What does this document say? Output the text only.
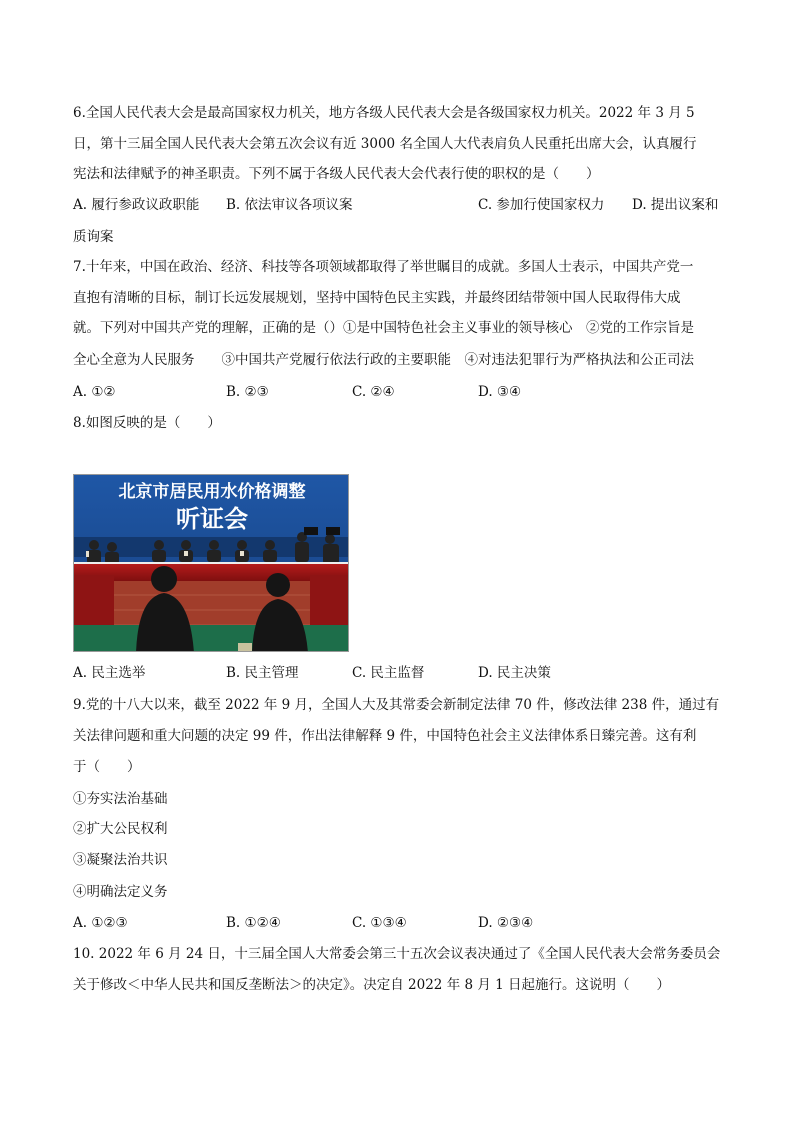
6.全国人民代表大会是最高国家权力机关，地方各级人民代表大会是各级国家权力机关。2022 年 3 月 5
日，第十三届全国人民代表大会第五次会议有近 3000 名全国人大代表肩负人民重托出席大会，认真履行
宪法和法律赋予的神圣职责。下列不属于各级人民代表大会代表行使的职权的是（　　）
A. 履行参政议政职能 B. 依法审议各项议案	C. 参加行使国家权力 D. 提出议案和
质询案
7.十年来，中国在政治、经济、科技等各项领域都取得了举世瞩目的成就。多国人士表示，中国共产党一
直抱有清晰的目标，制订长远发展规划，坚持中国特色民主实践，并最终团结带领中国人民取得伟大成
就。下列对中国共产党的理解，正确的是（）①是中国特色社会主义事业的领导核心　②党的工作宗旨是
全心全意为人民服务　　③中国共产党履行依法行政的主要职能　④对违法犯罪行为严格执法和公正司法
A. ①②	B. ②③	C. ②④	D. ③④
8.如图反映的是（　　）
北京市居民用水价格调整
听证会
A. 民主选举	B. 民主管理	C. 民主监督	D. 民主决策
9.党的十八大以来，截至 2022 年 9 月，全国人大及其常委会新制定法律 70 件，修改法律 238 件，通过有
关法律问题和重大问题的决定 99 件，作出法律解释 9 件，中国特色社会主义法律体系日臻完善。这有利
于（　　）
①夯实法治基础
②扩大公民权利
③凝聚法治共识
④明确法定义务
A. ①②③	B. ①②④	C. ①③④	D. ②③④
10. 2022 年 6 月 24 日，十三届全国人大常委会第三十五次会议表决通过了《全国人民代表大会常务委员会
关于修改＜中华人民共和国反垄断法＞的决定》。决定自 2022 年 8 月 1 日起施行。这说明（　　）
